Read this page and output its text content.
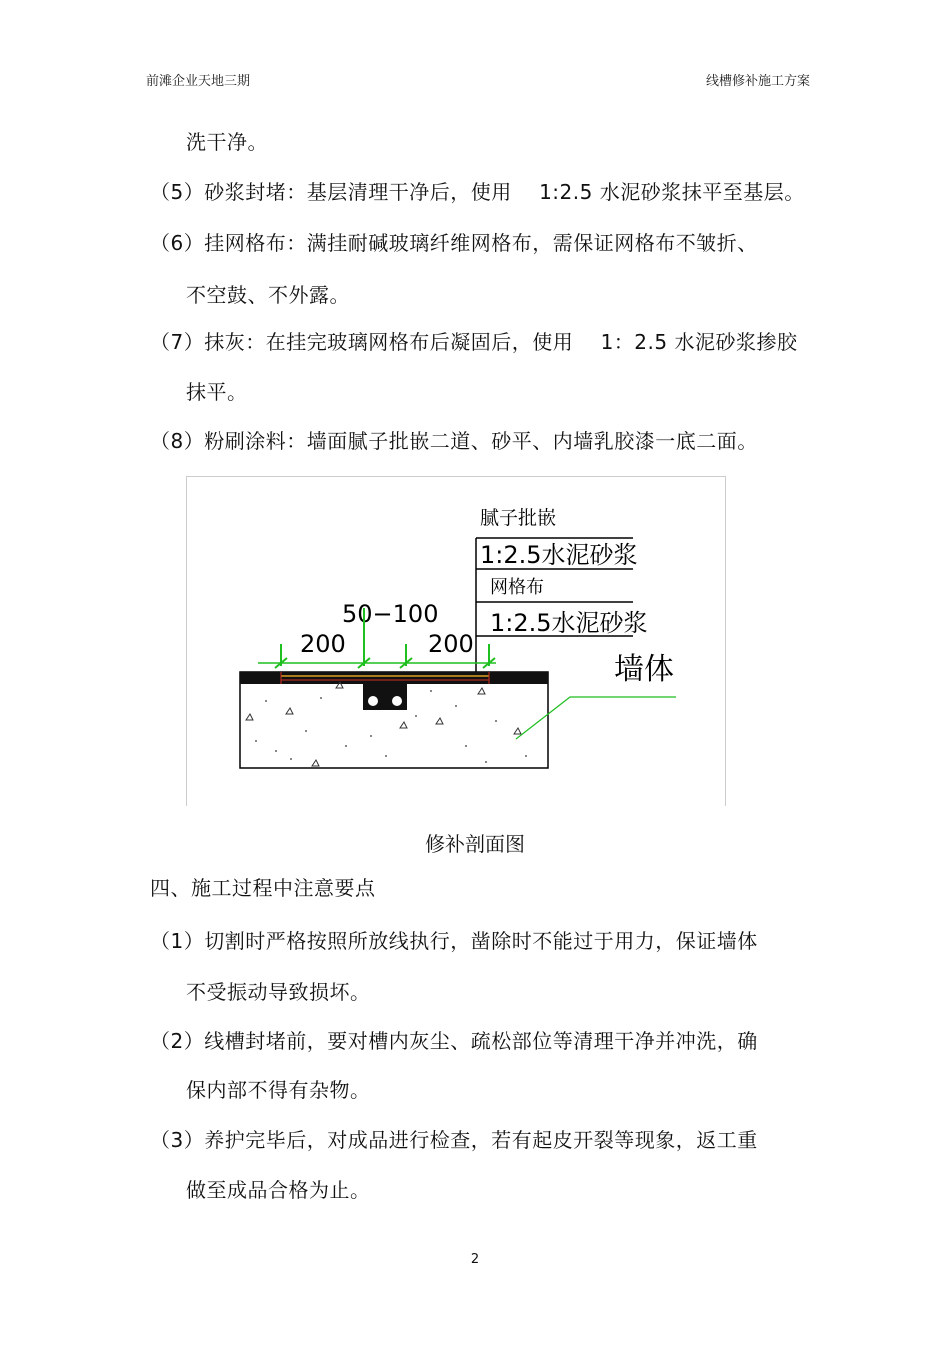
前滩企业天地三期	线槽修补施工方案
洗干净。
（5）砂浆封堵：基层清理干净后，使用　 1:2.5 水泥砂浆抹平至基层。
（6）挂网格布：满挂耐碱玻璃纤维网格布，需保证网格布不皱折、
不空鼓、不外露。
（7）抹灰：在挂完玻璃网格布后凝固后，使用　 1：2.5 水泥砂浆掺胶
抹平。
（8）粉刷涂料：墙面腻子批嵌二道、砂平、内墙乳胶漆一底二面。
腻子批嵌
1:2.5水泥砂浆
网格布
1:2.5水泥砂浆
200
50−100
200
墙体
修补剖面图
四、施工过程中注意要点
（1）切割时严格按照所放线执行，凿除时不能过于用力，保证墙体
不受振动导致损坏。
（2）线槽封堵前，要对槽内灰尘、疏松部位等清理干净并冲洗，确
保内部不得有杂物。
（3）养护完毕后，对成品进行检查，若有起皮开裂等现象，返工重
做至成品合格为止。
2
